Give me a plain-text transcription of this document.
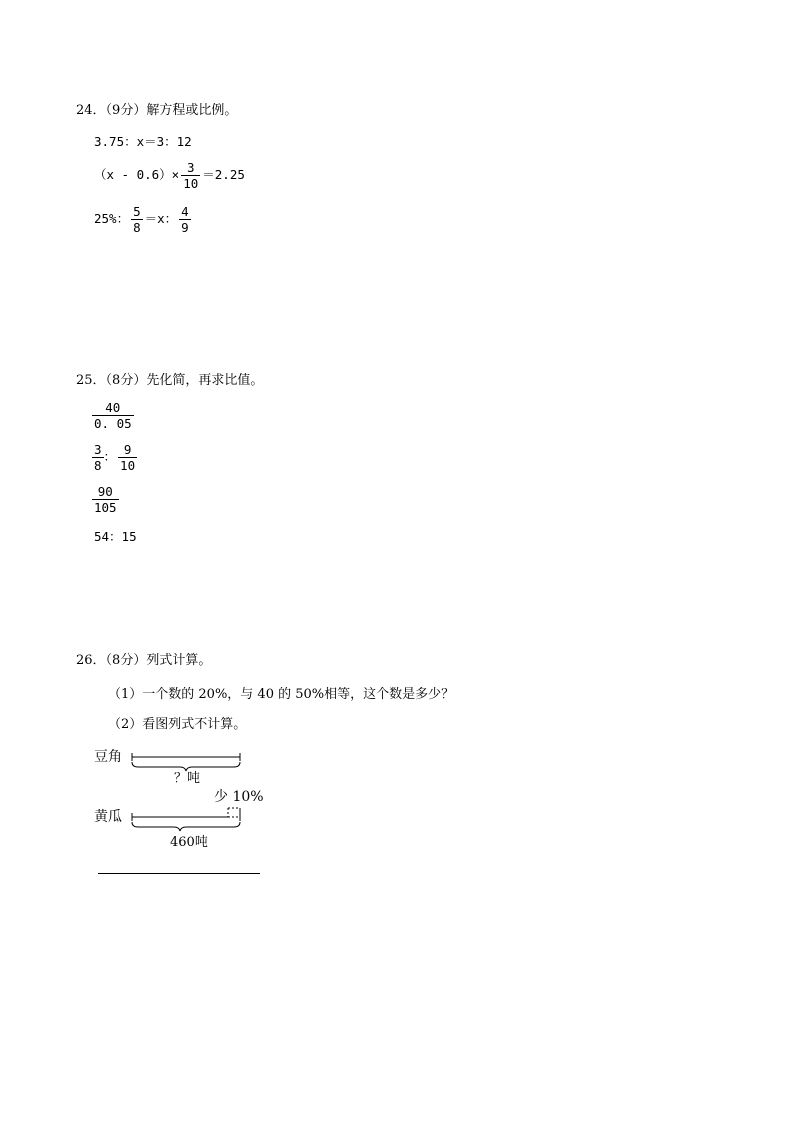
24．（9分）解方程或比例。
3.75：x＝3：12
$(x - 0.6)\times \frac{3}{10} =2.25$
25%： $\frac{5}{8} =x$： $\frac{4}{9}$
25．（8分）先化简，再求比值。
$\frac{40}{0. 05}$
$\frac{3}{8}$ ： $\frac{9}{10}$
$\frac{90}{105}$
54：15
26．（8分）列式计算。
（1）一个数的 20%，与 40 的 50%相等，这个数是多少？
（2）看图列式不计算。
豆角
？吨
少 10%
黄瓜
460吨
